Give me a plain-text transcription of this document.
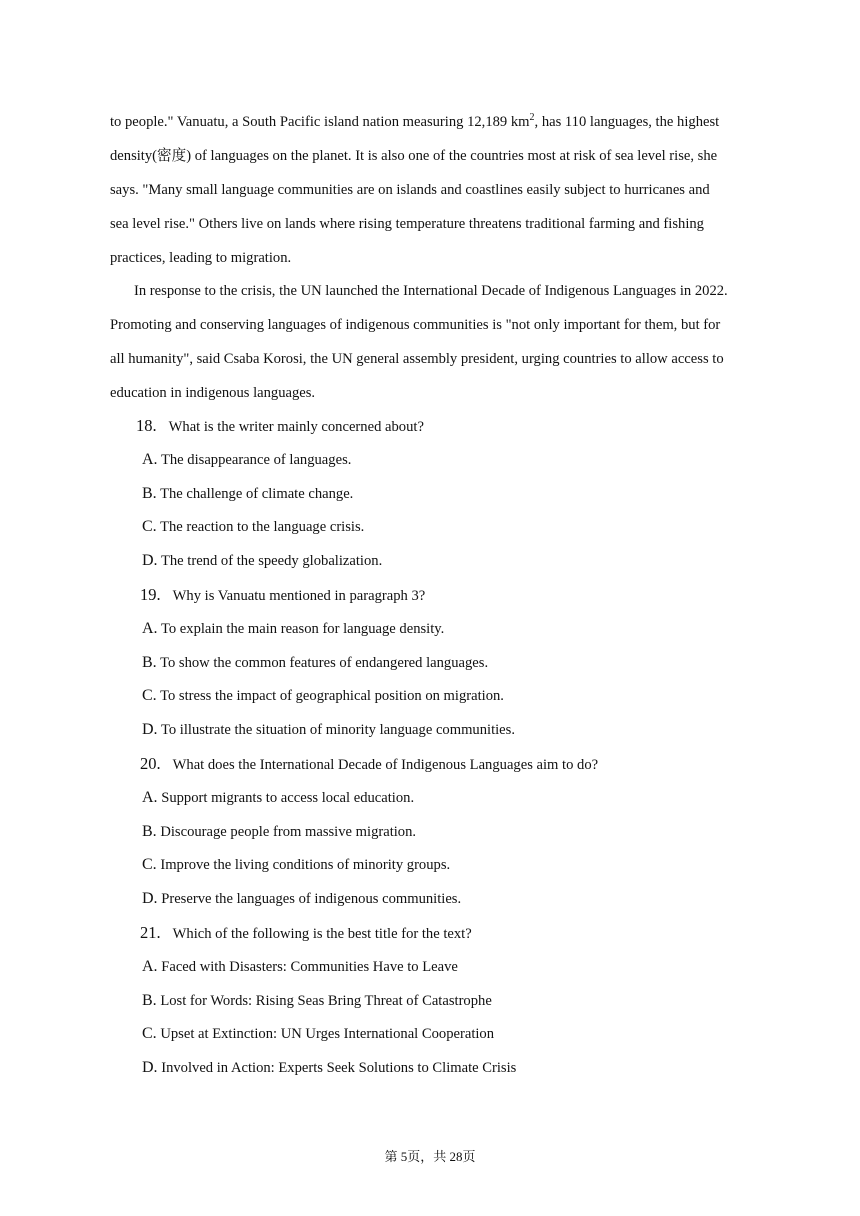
to people." Vanuatu, a South Pacific island nation measuring 12,189 $km^2$, has 110 languages, the highest
density(密度) of languages on the planet. It is also one of the countries most at risk of sea level rise, she
says. "Many small language communities are on islands and coastlines easily subject to hurricanes and
sea level rise." Others live on lands where rising temperature threatens traditional farming and fishing
practices, leading to migration.
In response to the crisis, the UN launched the International Decade of Indigenous Languages in 2022.
Promoting and conserving languages of indigenous communities is "not only important for them, but for
all humanity", said Csaba Korosi, the UN general assembly president, urging countries to allow access to
education in indigenous languages.
18. What is the writer mainly concerned about?
A. The disappearance of languages.
B. The challenge of climate change.
C. The reaction to the language crisis.
D. The trend of the speedy globalization.
19. Why is Vanuatu mentioned in paragraph 3?
A. To explain the main reason for language density.
B. To show the common features of endangered languages.
C. To stress the impact of geographical position on migration.
D. To illustrate the situation of minority language communities.
20. What does the International Decade of Indigenous Languages aim to do?
A. Support migrants to access local education.
B. Discourage people from massive migration.
C. Improve the living conditions of minority groups.
D. Preserve the languages of indigenous communities.
21. Which of the following is the best title for the text?
A. Faced with Disasters: Communities Have to Leave
B. Lost for Words: Rising Seas Bring Threat of Catastrophe
C. Upset at Extinction: UN Urges International Cooperation
D. Involved in Action: Experts Seek Solutions to Climate Crisis
第 5页，共 28页
